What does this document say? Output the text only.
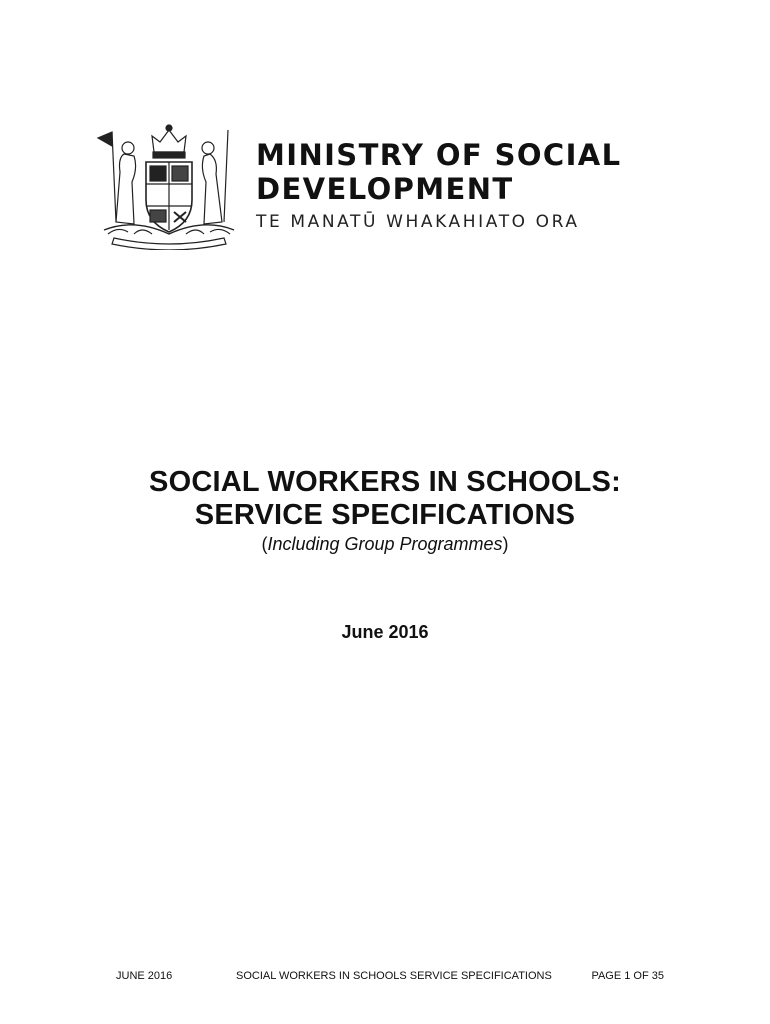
MINISTRY OF SOCIAL
DEVELOPMENT
TE MANATŪ WHAKAHIATO ORA
SOCIAL WORKERS IN SCHOOLS:
SERVICE SPECIFICATIONS
(Including Group Programmes)
June 2016
JUNE 2016	SOCIAL WORKERS IN SCHOOLS SERVICE SPECIFICATIONS	PAGE 1 OF 35
